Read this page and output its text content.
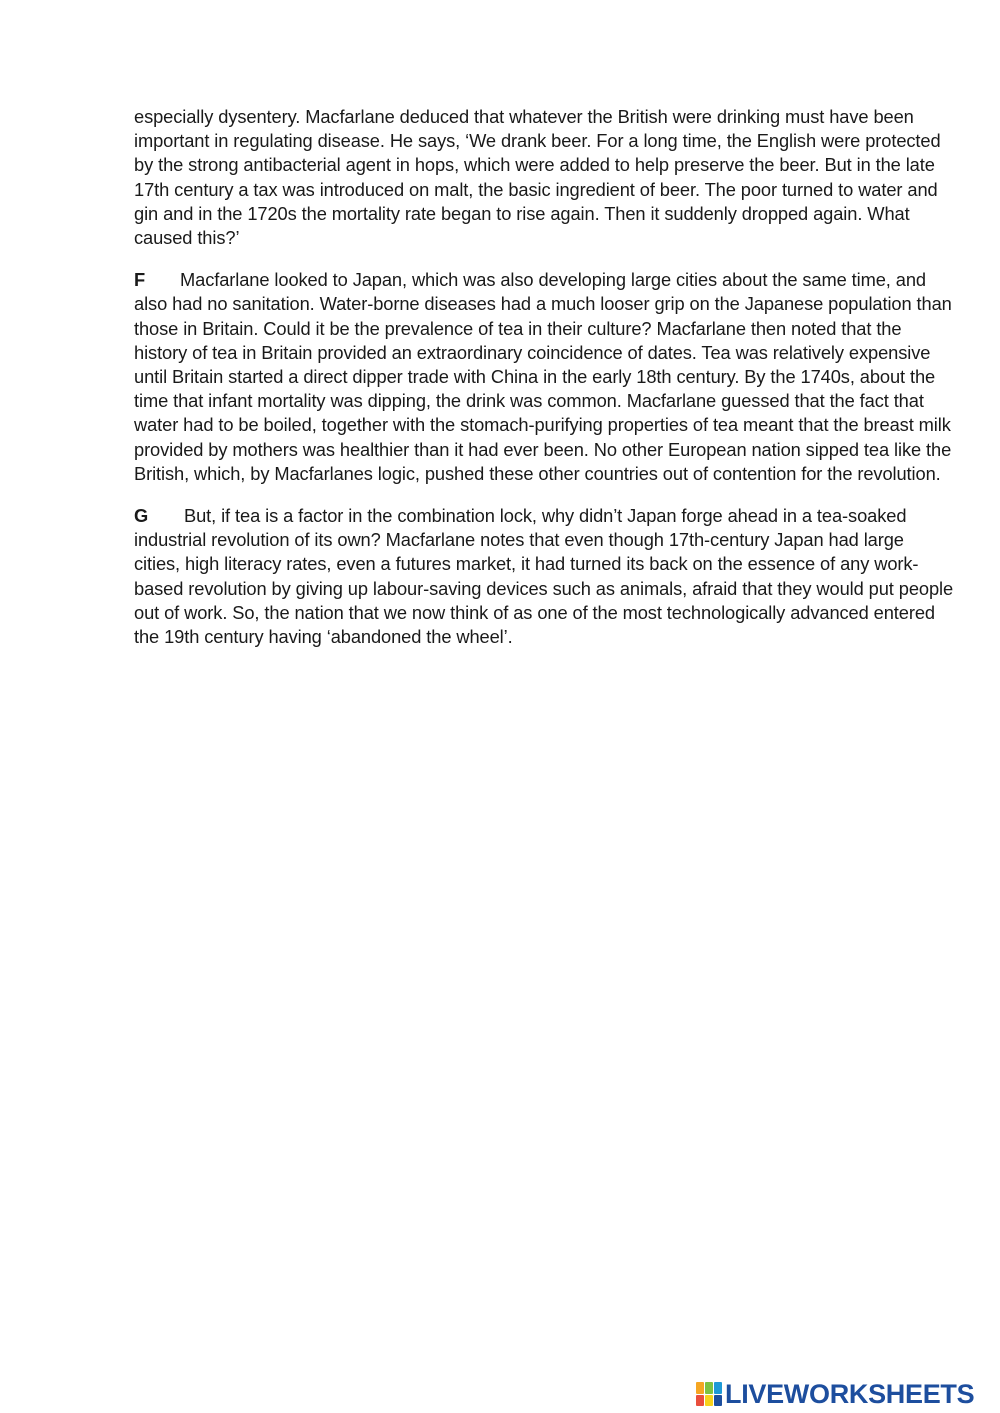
especially dysentery. Macfarlane deduced that whatever the British were drinking must have been important in regulating disease. He says, ‘We drank beer. For a long time, the English were protected by the strong antibacterial agent in hops, which were added to help preserve the beer. But in the late 17th century a tax was introduced on malt, the basic ingredient of beer. The poor turned to water and gin and in the 1720s the mortality rate began to rise again. Then it suddenly dropped again. What caused this?’

F Macfarlane looked to Japan, which was also developing large cities about the same time, and also had no sanitation. Water-borne diseases had a much looser grip on the Japanese population than those in Britain. Could it be the prevalence of tea in their culture? Macfarlane then noted that the history of tea in Britain provided an extraordinary coincidence of dates. Tea was relatively expensive until Britain started a direct dipper trade with China in the early 18th century. By the 1740s, about the time that infant mortality was dipping, the drink was common. Macfarlane guessed that the fact that water had to be boiled, together with the stomach-purifying properties of tea meant that the breast milk provided by mothers was healthier than it had ever been. No other European nation sipped tea like the British, which, by Macfarlanes logic, pushed these other countries out of contention for the revolution.

G But, if tea is a factor in the combination lock, why didn’t Japan forge ahead in a tea-soaked industrial revolution of its own? Macfarlane notes that even though 17th-century Japan had large cities, high literacy rates, even a futures market, it had turned its back on the essence of any work-based revolution by giving up labour-saving devices such as animals, afraid that they would put people out of work. So, the nation that we now think of as one of the most technologically advanced entered the 19th century having ‘abandoned the wheel’.

LIVEWORKSHEETS
